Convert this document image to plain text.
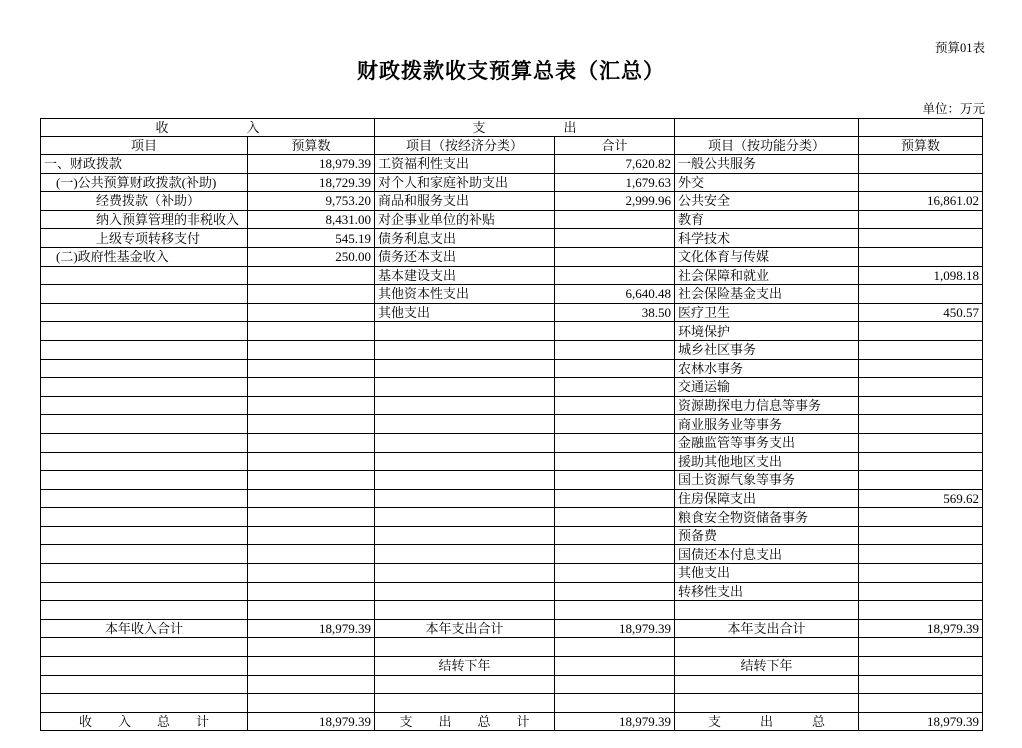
预算01表
财政拨款收支预算总表（汇总）
单位：万元
收　　　　　　入		支　　　　　　出			
项目	预算数	项目（按经济分类）	合计	项目（按功能分类）	预算数
一、财政拨款	18,979.39	工资福利性支出	7,620.82	一般公共服务	
(一)公共预算财政拨款(补助)	18,729.39	对个人和家庭补助支出	1,679.63	外交	
经费拨款（补助）	9,753.20	商品和服务支出	2,999.96	公共安全	16,861.02
纳入预算管理的非税收入	8,431.00	对企事业单位的补贴		教育	
上级专项转移支付	545.19	债务利息支出		科学技术	
(二)政府性基金收入	250.00	债务还本支出		文化体育与传媒	
		基本建设支出		社会保障和就业	1,098.18
		其他资本性支出	6,640.48	社会保险基金支出	
		其他支出	38.50	医疗卫生	450.57
				环境保护	
				城乡社区事务	
				农林水事务	
				交通运输	
				资源勘探电力信息等事务	
				商业服务业等事务	
				金融监管等事务支出	
				援助其他地区支出	
				国土资源气象等事务	
				住房保障支出	569.62
				粮食安全物资储备事务	
				预备费	
				国债还本付息支出	
				其他支出	
				转移性支出	

本年收入合计	18,979.39	本年支出合计	18,979.39	本年支出合计	18,979.39

		结转下年		结转下年	

收　　入　　总　　计	18,979.39	支　　出　　总　　计	18,979.39	支　　　出　　　总	18,979.39
